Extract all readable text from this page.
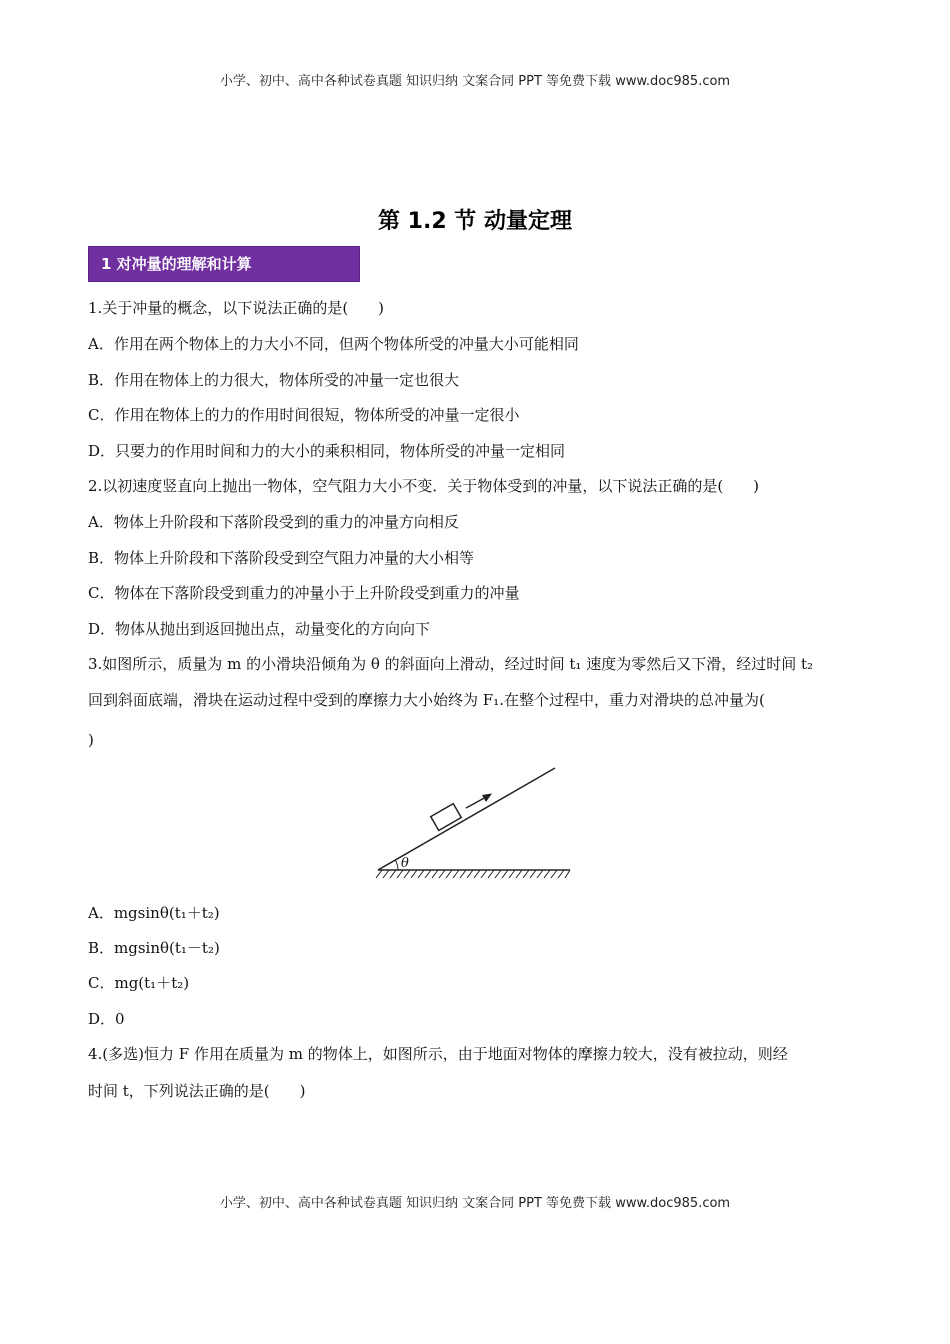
小学、初中、高中各种试卷真题 知识归纳 文案合同 PPT 等免费下载 www.doc985.com
第 1.2 节 动量定理
1 对冲量的理解和计算
1.关于冲量的概念，以下说法正确的是(　　)
A．作用在两个物体上的力大小不同，但两个物体所受的冲量大小可能相同
B．作用在物体上的力很大，物体所受的冲量一定也很大
C．作用在物体上的力的作用时间很短，物体所受的冲量一定很小
D．只要力的作用时间和力的大小的乘积相同，物体所受的冲量一定相同
2.以初速度竖直向上抛出一物体，空气阻力大小不变．关于物体受到的冲量，以下说法正确的是(　　)
A．物体上升阶段和下落阶段受到的重力的冲量方向相反
B．物体上升阶段和下落阶段受到空气阻力冲量的大小相等
C．物体在下落阶段受到重力的冲量小于上升阶段受到重力的冲量
D．物体从抛出到返回抛出点，动量变化的方向向下
3.如图所示，质量为 m 的小滑块沿倾角为 θ 的斜面向上滑动，经过时间 t₁ 速度为零然后又下滑，经过时间 t₂
回到斜面底端，滑块在运动过程中受到的摩擦力大小始终为 F₁.在整个过程中，重力对滑块的总冲量为(
)
θ
A．mgsinθ(t₁＋t₂)
B．mgsinθ(t₁－t₂)
C．mg(t₁＋t₂)
D．0
4.(多选)恒力 F 作用在质量为 m 的物体上，如图所示，由于地面对物体的摩擦力较大，没有被拉动，则经
时间 t，下列说法正确的是(　　)
小学、初中、高中各种试卷真题 知识归纳 文案合同 PPT 等免费下载 www.doc985.com
